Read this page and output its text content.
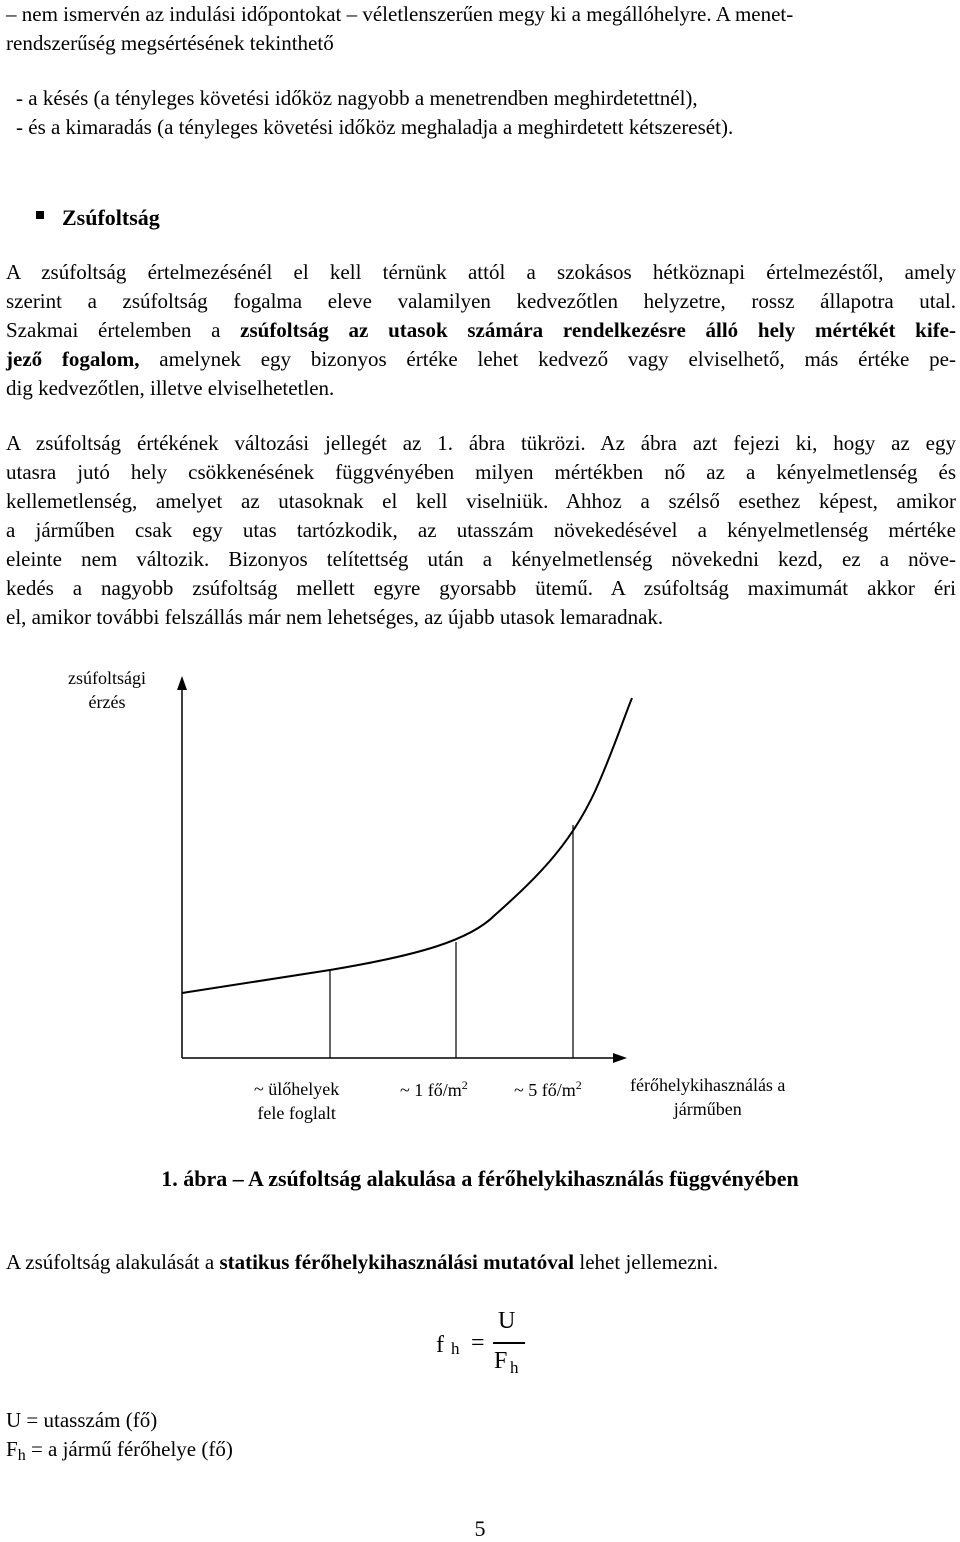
– nem ismervén az indulási időpontokat – véletlenszerűen megy ki a megállóhelyre. A menet-
rendszerűség megsértésének tekinthető
- a késés (a tényleges követési időköz nagyobb a menetrendben meghirdetettnél),
- és a kimaradás (a tényleges követési időköz meghaladja a meghirdetett kétszeresét).
Zsúfoltság
A zsúfoltság értelmezésénél el kell térnünk attól a szokásos hétköznapi értelmezéstől, amely
szerint a zsúfoltság fogalma eleve valamilyen kedvezőtlen helyzetre, rossz állapotra utal.
Szakmai értelemben a zsúfoltság az utasok számára rendelkezésre álló hely mértékét kife-
jező fogalom, amelynek egy bizonyos értéke lehet kedvező vagy elviselhető, más értéke pe-
dig kedvezőtlen, illetve elviselhetetlen.
A zsúfoltság értékének változási jellegét az 1. ábra tükrözi. Az ábra azt fejezi ki, hogy az egy
utasra jutó hely csökkenésének függvényében milyen mértékben nő az a kényelmetlenség és
kellemetlenség, amelyet az utasoknak el kell viselniük. Ahhoz a szélső esethez képest, amikor
a járműben csak egy utas tartózkodik, az utasszám növekedésével a kényelmetlenség mértéke
eleinte nem változik. Bizonyos telítettség után a kényelmetlenség növekedni kezd, ez a növe-
kedés a nagyobb zsúfoltság mellett egyre gyorsabb ütemű. A zsúfoltság maximumát akkor éri
el, amikor további felszállás már nem lehetséges, az újabb utasok lemaradnak.
zsúfoltsági
érzés
~ ülőhelyek
fele foglalt
~ 1 $fő/m^2$	~ 5 $fő/m^2$	férőhelykihasználás a
járműben
1. ábra – A zsúfoltság alakulása a férőhelykihasználás függvényében
A zsúfoltság alakulását a statikus férőhelykihasználási mutatóval lehet jellemezni.
f h =
U
F h
U = utasszám (fő)
$F_h = a$ jármű férőhelye (fő)
5
